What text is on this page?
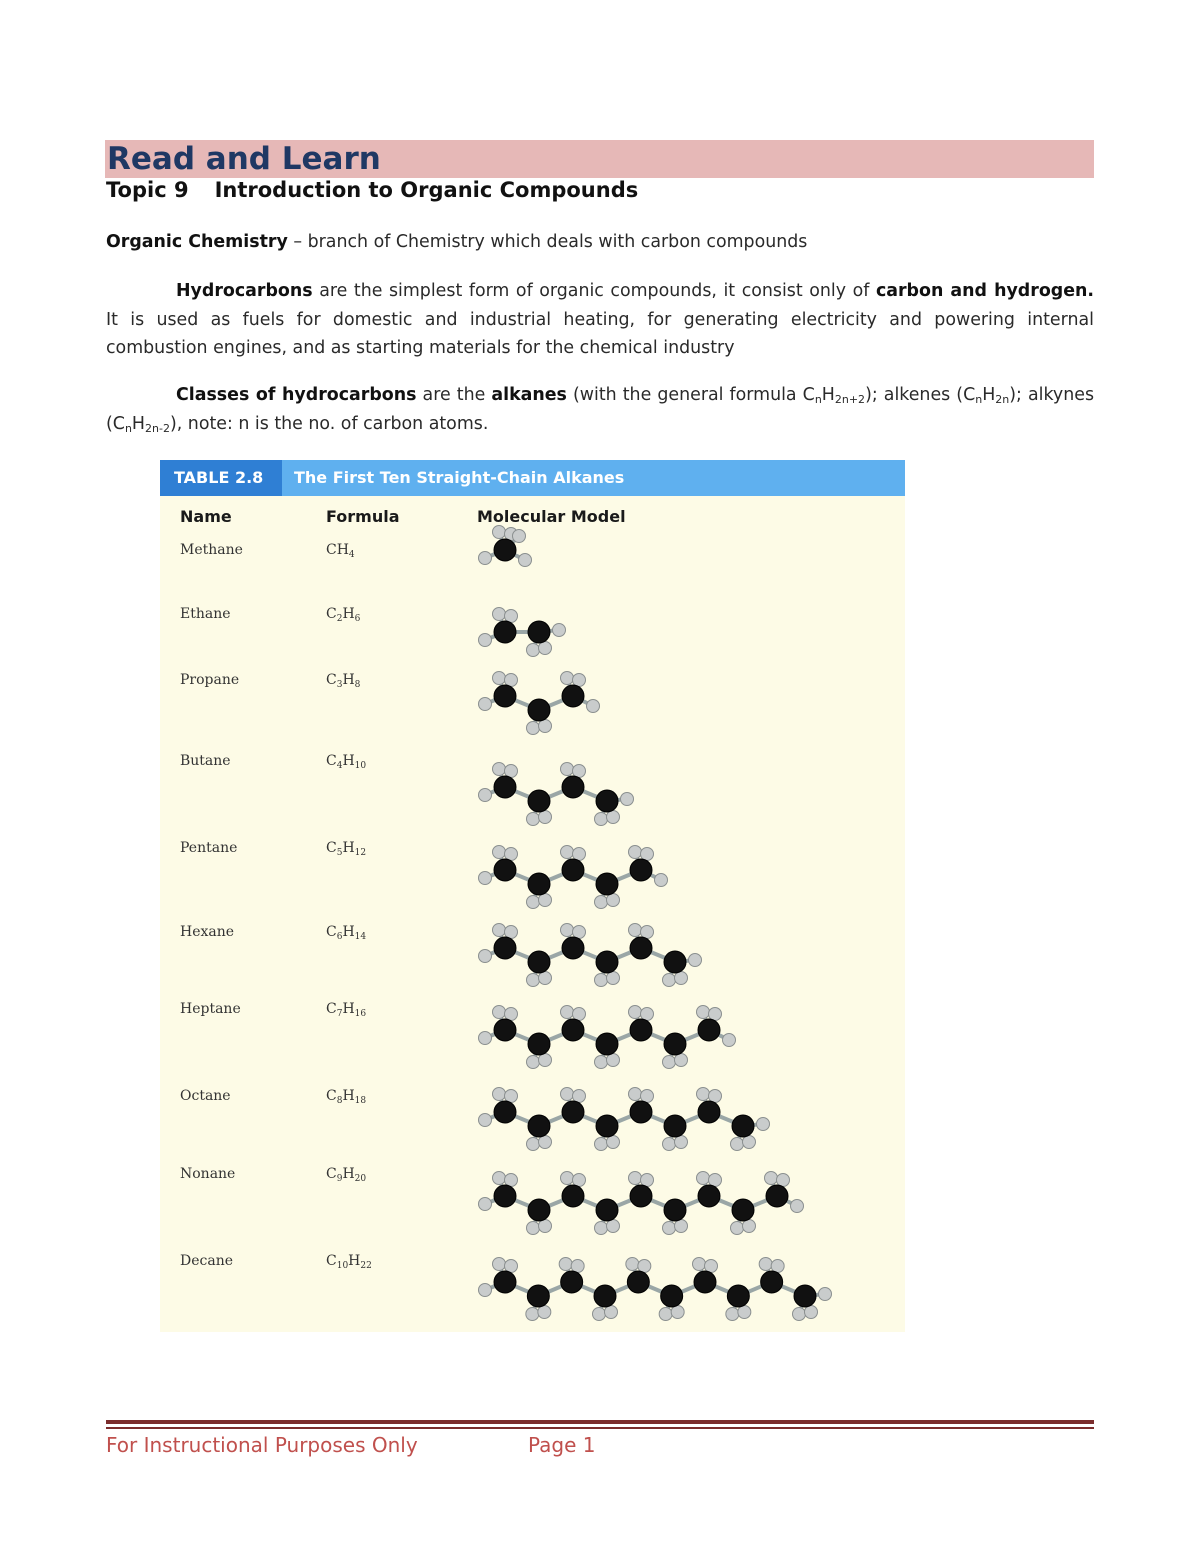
Read and Learn
Topic 9 Introduction to Organic Compounds
Organic Chemistry – branch of Chemistry which deals with carbon compounds
Hydrocarbons are the simplest form of organic compounds, it consist only of carbon and hydrogen. It is used as fuels for domestic and industrial heating, for generating electricity and powering internal combustion engines, and as starting materials for the chemical industry
Classes of hydrocarbons are the alkanes (with the general formula $C_nH_{2n+2}$); alkenes $(C_nH_{2n})$; alkynes $(C_nH_{2n-2})$, note: n is the no. of carbon atoms.
TABLE 2.8	The First Ten Straight-Chain Alkanes
Name	Formula	Molecular Model
Methane	$CH_4$
Ethane	$C_2H_6$
Propane	$C_3H_8$
Butane	$C_4H_{10}$
Pentane	$C_5H_{12}$
Hexane	$C_6H_{14}$
Heptane	$C_7H_{16}$
Octane	$C_8H_{18}$
Nonane	$C_9H_{20}$
Decane	$C_{10}H_{22}$
For Instructional Purposes Only	Page 1
